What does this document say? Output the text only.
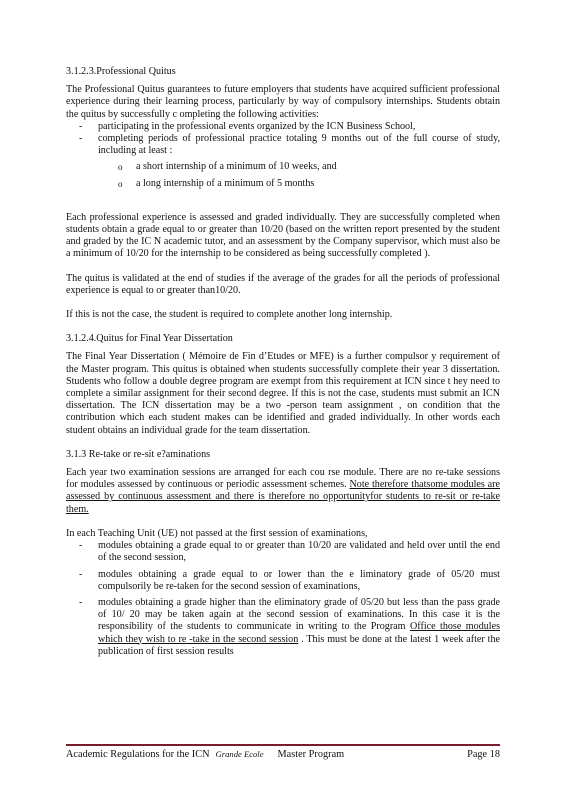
3.1.2.3.Professional Quitus

The Professional Quitus guarantees to future employers that students have acquired sufficient professional experience during their learning process, particularly by way of compulsory internships. Students obtain the quitus by successfully c ompleting the following activities:

- participating in the professional events organized by the ICN Business School,
- completing periods of professional practice totaling 9 months out of the full course of study, including at least :
o a short internship of a minimum of 10 weeks, and
o a long internship of a minimum of 5 months

Each professional experience is assessed and graded individually. They are successfully completed when students obtain a grade equal to or greater than 10/20 (based on the written report presented by the student and graded by the IC N academic tutor, and an assessment by the Company supervisor, which must also be a minimum of 10/20 for the internship to be considered as being successfully completed ).

The quitus is validated at the end of studies if the average of the grades for all the periods of professional experience is equal to or greater than10/20.

If this is not the case, the student is required to complete another long internship.

3.1.2.4.Quitus for Final Year Dissertation

The Final Year Dissertation ( Mémoire de Fin d’Etudes or MFE) is a further compulsor y requirement of the Master program. This quitus is obtained when students successfully complete their year 3 dissertation. Students who follow a double degree program are exempt from this requirement at ICN since t hey need to complete a similar assignment for their second degree. If this is not the case, students must submit an ICN dissertation. The ICN dissertation may be a two -person team assignment , on condition that the contribution which each student makes can be identified and graded individually. In other words each student obtains an individual grade for the team dissertation.

3.1.3 Re-take or re-sit e?aminations

Each year two examination sessions are arranged for each cou rse module. There are no re-take sessions for modules assessed by continuous or periodic assessment schemes. Note therefore thatsome modules are assessed by continuous assessment and there is therefore no opportunityfor students to re-sit or re-take them.

In each Teaching Unit (UE) not passed at the first session of examinations,

- modules obtaining a grade equal to or greater than 10/20 are validated and held over until the end of the second session,
- modules obtaining a grade equal to or lower than the e liminatory grade of 05/20 must compulsorily be re-taken for the second session of examinations,
- modules obtaining a grade higher than the eliminatory grade of 05/20 but less than the pass grade of 10/ 20 may be taken again at the second session of examinations. In this case it is the responsibility of the students to communicate in writing to the Program Office those modules which they wish to re -take in the second session . This must be done at the latest 1 week after the publication of first session results
Academic Regulations for the ICN Grande Ecole Master Program	Page 18
